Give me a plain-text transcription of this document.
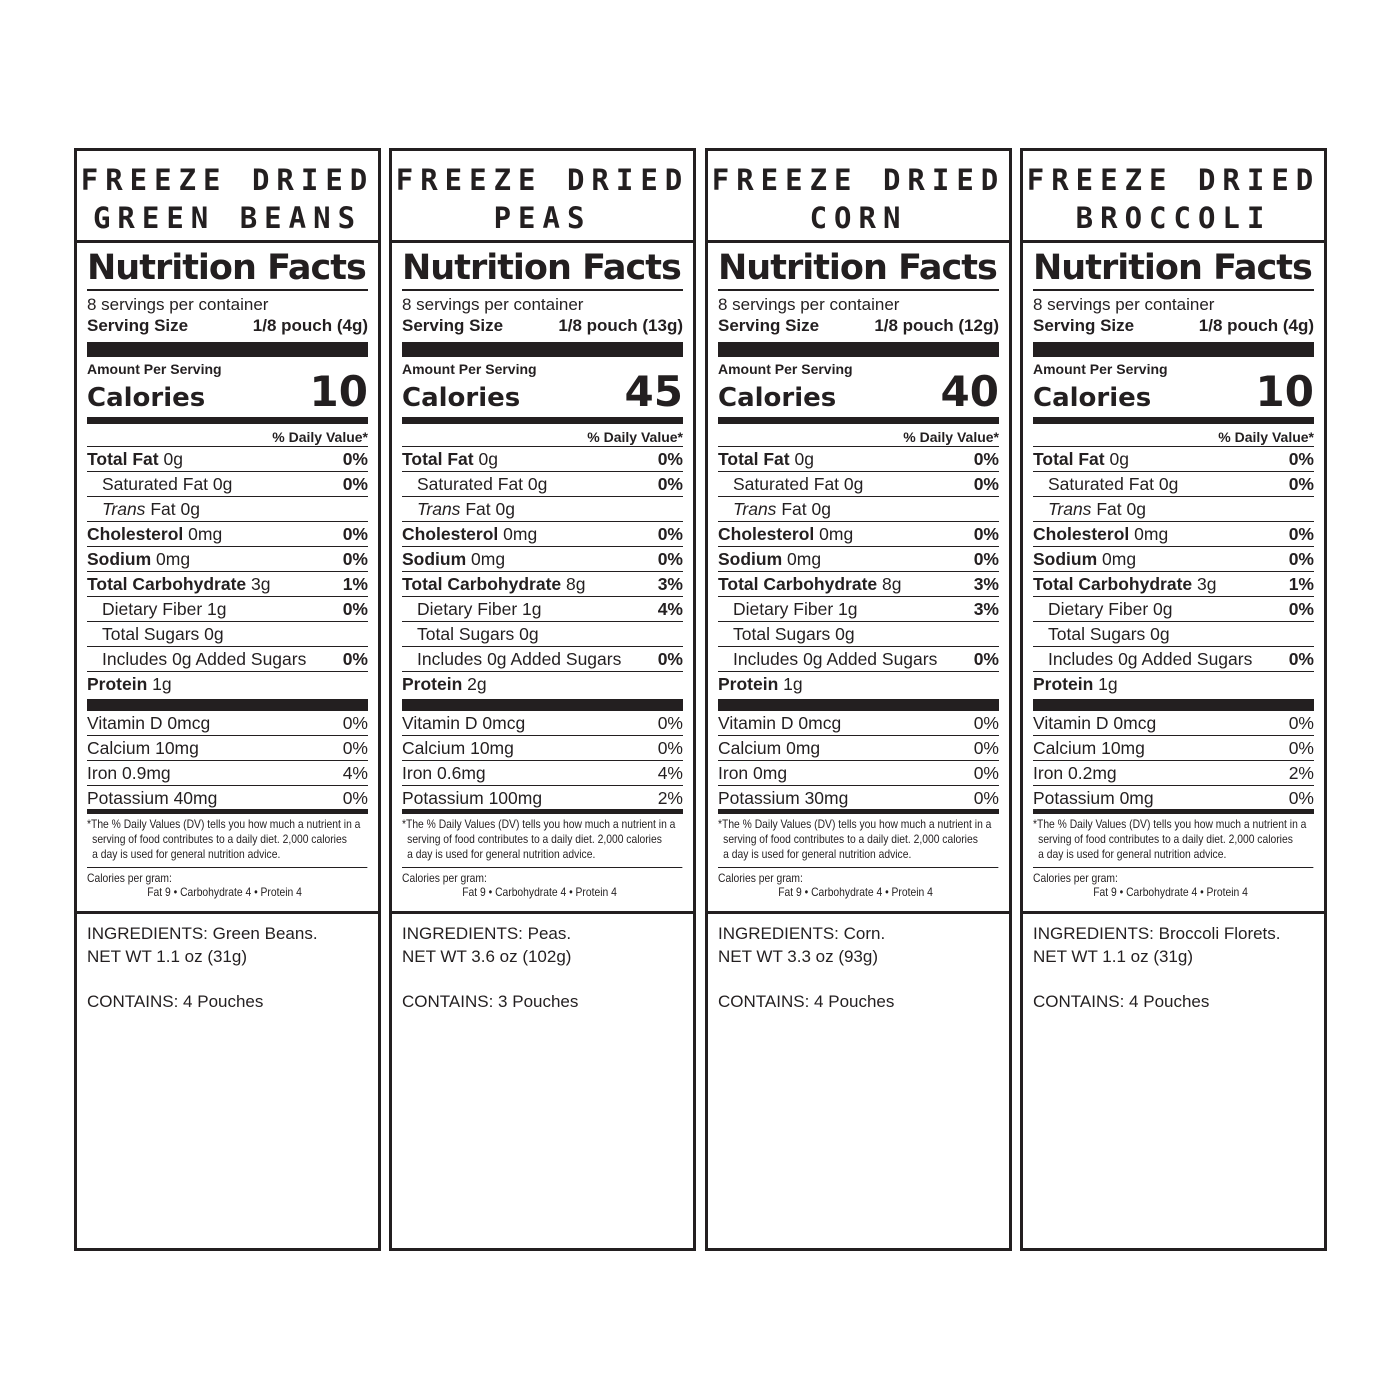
FREEZE DRIED
GREEN BEANS
Nutrition Facts
8 servings per container
Serving Size	1/8 pouch (4g)
Amount Per Serving
Calories 10
% Daily Value*
Total Fat 0g	0%
Saturated Fat 0g	0%
Trans Fat 0g
Cholesterol 0mg	0%
Sodium 0mg	0%
Total Carbohydrate 3g	1%
Dietary Fiber 1g	0%
Total Sugars 0g
Includes 0g Added Sugars 0%
Protein 1g
Vitamin D 0mcg	0%
Calcium 10mg	0%
Iron 0.9mg	4%
Potassium 40mg	0%
*The % Daily Values (DV) tells you how much a nutrient in a
serving of food contributes to a daily diet. 2,000 calories
a day is used for general nutrition advice.
Calories per gram:
Fat 9 • Carbohydrate 4 • Protein 4
INGREDIENTS: Green Beans.
NET WT 1.1 oz (31g)
CONTAINS: 4 Pouches
FREEZE DRIED
PEAS
Nutrition Facts
8 servings per container
Serving Size	1/8 pouch (13g)
Amount Per Serving
Calories 45
% Daily Value*
Total Fat 0g	0%
Saturated Fat 0g	0%
Trans Fat 0g
Cholesterol 0mg	0%
Sodium 0mg	0%
Total Carbohydrate 8g	3%
Dietary Fiber 1g	4%
Total Sugars 0g
Includes 0g Added Sugars 0%
Protein 2g
Vitamin D 0mcg	0%
Calcium 10mg	0%
Iron 0.6mg	4%
Potassium 100mg	2%
*The % Daily Values (DV) tells you how much a nutrient in a
serving of food contributes to a daily diet. 2,000 calories
a day is used for general nutrition advice.
Calories per gram:
Fat 9 • Carbohydrate 4 • Protein 4
INGREDIENTS: Peas.
NET WT 3.6 oz (102g)
CONTAINS: 3 Pouches
FREEZE DRIED
CORN
Nutrition Facts
8 servings per container
Serving Size	1/8 pouch (12g)
Amount Per Serving
Calories 40
% Daily Value*
Total Fat 0g	0%
Saturated Fat 0g	0%
Trans Fat 0g
Cholesterol 0mg	0%
Sodium 0mg	0%
Total Carbohydrate 8g	3%
Dietary Fiber 1g	3%
Total Sugars 0g
Includes 0g Added Sugars 0%
Protein 1g
Vitamin D 0mcg	0%
Calcium 0mg	0%
Iron 0mg	0%
Potassium 30mg	0%
*The % Daily Values (DV) tells you how much a nutrient in a
serving of food contributes to a daily diet. 2,000 calories
a day is used for general nutrition advice.
Calories per gram:
Fat 9 • Carbohydrate 4 • Protein 4
INGREDIENTS: Corn.
NET WT 3.3 oz (93g)
CONTAINS: 4 Pouches
FREEZE DRIED
BROCCOLI
Nutrition Facts
8 servings per container
Serving Size	1/8 pouch (4g)
Amount Per Serving
Calories 10
% Daily Value*
Total Fat 0g	0%
Saturated Fat 0g	0%
Trans Fat 0g
Cholesterol 0mg	0%
Sodium 0mg	0%
Total Carbohydrate 3g	1%
Dietary Fiber 0g	0%
Total Sugars 0g
Includes 0g Added Sugars 0%
Protein 1g
Vitamin D 0mcg	0%
Calcium 10mg	0%
Iron 0.2mg	2%
Potassium 0mg	0%
*The % Daily Values (DV) tells you how much a nutrient in a
serving of food contributes to a daily diet. 2,000 calories
a day is used for general nutrition advice.
Calories per gram:
Fat 9 • Carbohydrate 4 • Protein 4
INGREDIENTS: Broccoli Florets.
NET WT 1.1 oz (31g)
CONTAINS: 4 Pouches
